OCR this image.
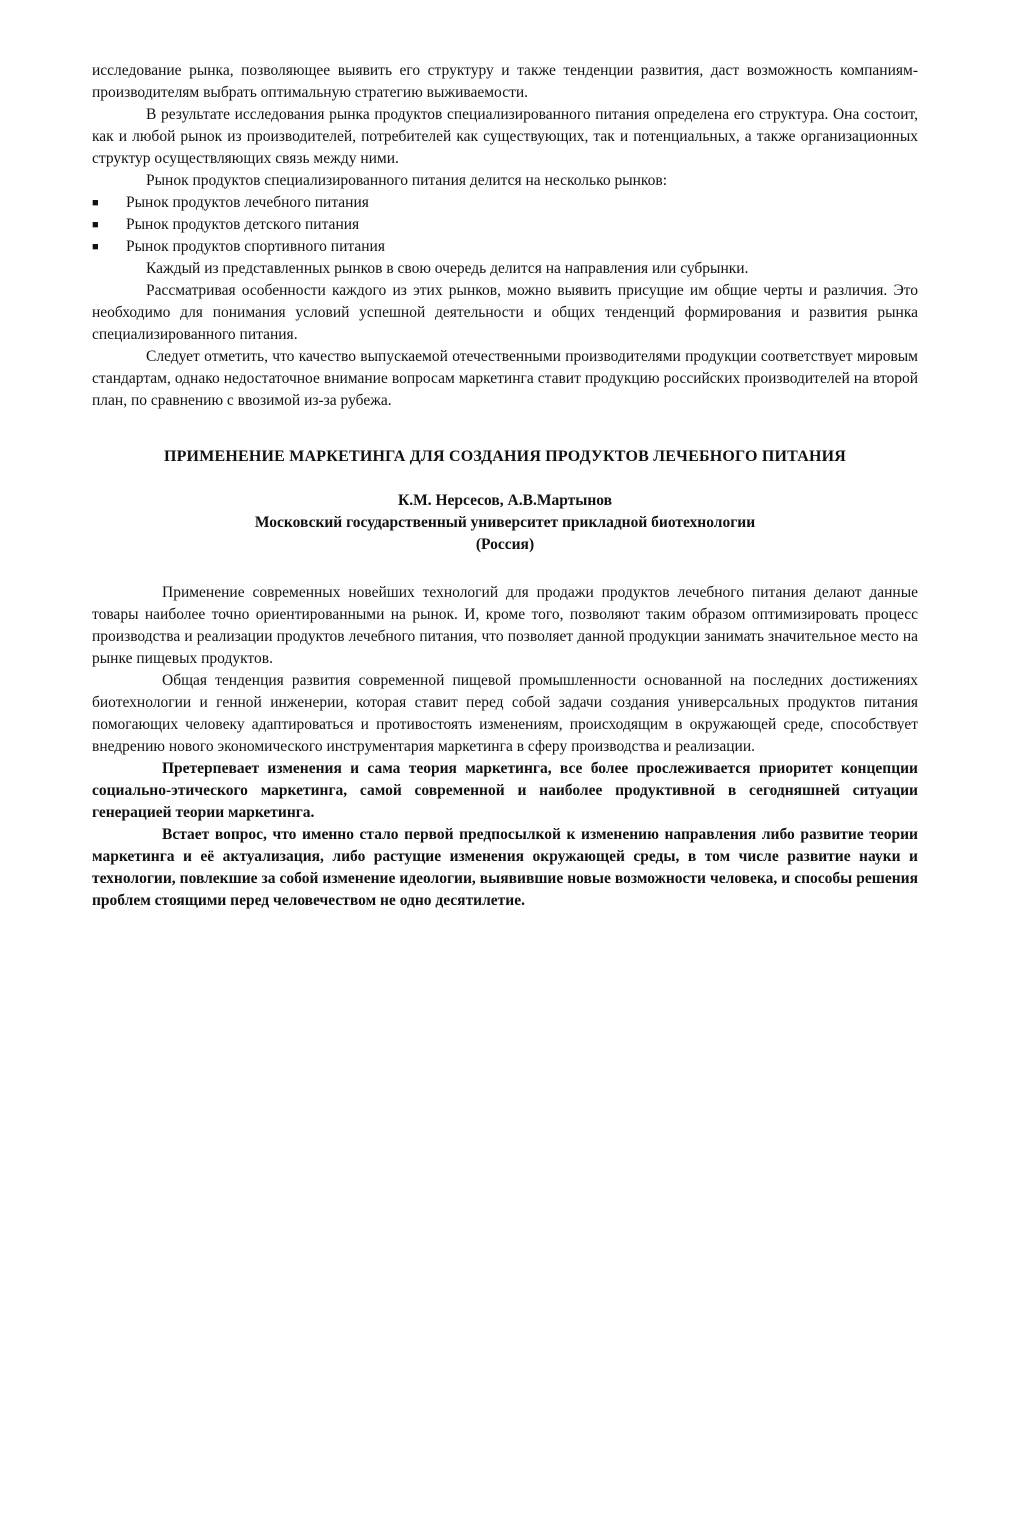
исследование рынка, позволяющее выявить его структуру и также тенденции развития, даст возможность компаниям-производителям выбрать оптимальную стратегию выживаемости.

В результате исследования рынка продуктов специализированного питания определена его структура. Она состоит, как и любой рынок из производителей, потребителей как существующих, так и потенциальных, а также организационных структур осуществляющих связь между ними.

Рынок продуктов специализированного питания делится на несколько рынков:

■ Рынок продуктов лечебного питания
■ Рынок продуктов детского питания
■ Рынок продуктов спортивного питания

Каждый из представленных рынков в свою очередь делится на направления или субрынки.

Рассматривая особенности каждого из этих рынков, можно выявить присущие им общие черты и различия. Это необходимо для понимания условий успешной деятельности и общих тенденций формирования и развития рынка специализированного питания.

Следует отметить, что качество выпускаемой отечественными производителями продукции соответствует мировым стандартам, однако недостаточное внимание вопросам маркетинга ставит продукцию российских производителей на второй план, по сравнению с ввозимой из-за рубежа.

ПРИМЕНЕНИЕ МАРКЕТИНГА ДЛЯ СОЗДАНИЯ ПРОДУКТОВ ЛЕЧЕБНОГО ПИТАНИЯ

К.М. Нерсесов, А.В.Мартынов

Московский государственный университет прикладной биотехнологии

(Россия)

Применение современных новейших технологий для продажи продуктов лечебного питания делают данные товары наиболее точно ориентированными на рынок. И, кроме того, позволяют таким образом оптимизировать процесс производства и реализации продуктов лечебного питания, что позволяет данной продукции занимать значительное место на рынке пищевых продуктов.

Общая тенденция развития современной пищевой промышленности основанной на последних достижениях биотехнологии и генной инженерии, которая ставит перед собой задачи создания универсальных продуктов питания помогающих человеку адаптироваться и противостоять изменениям, происходящим в окружающей среде, способствует внедрению нового экономического инструментария маркетинга в сферу производства и реализации.

Претерпевает изменения и сама теория маркетинга, все более прослеживается приоритет концепции социально-этического маркетинга, самой современной и наиболее продуктивной в сегодняшней ситуации генерацией теории маркетинга.

Встает вопрос, что именно стало первой предпосылкой к изменению направления либо развитие теории маркетинга и её актуализация, либо растущие изменения окружающей среды, в том числе развитие науки и технологии, повлекшие за собой изменение идеологии, выявившие новые возможности человека, и способы решения проблем стоящими перед человечеством не одно десятилетие.
